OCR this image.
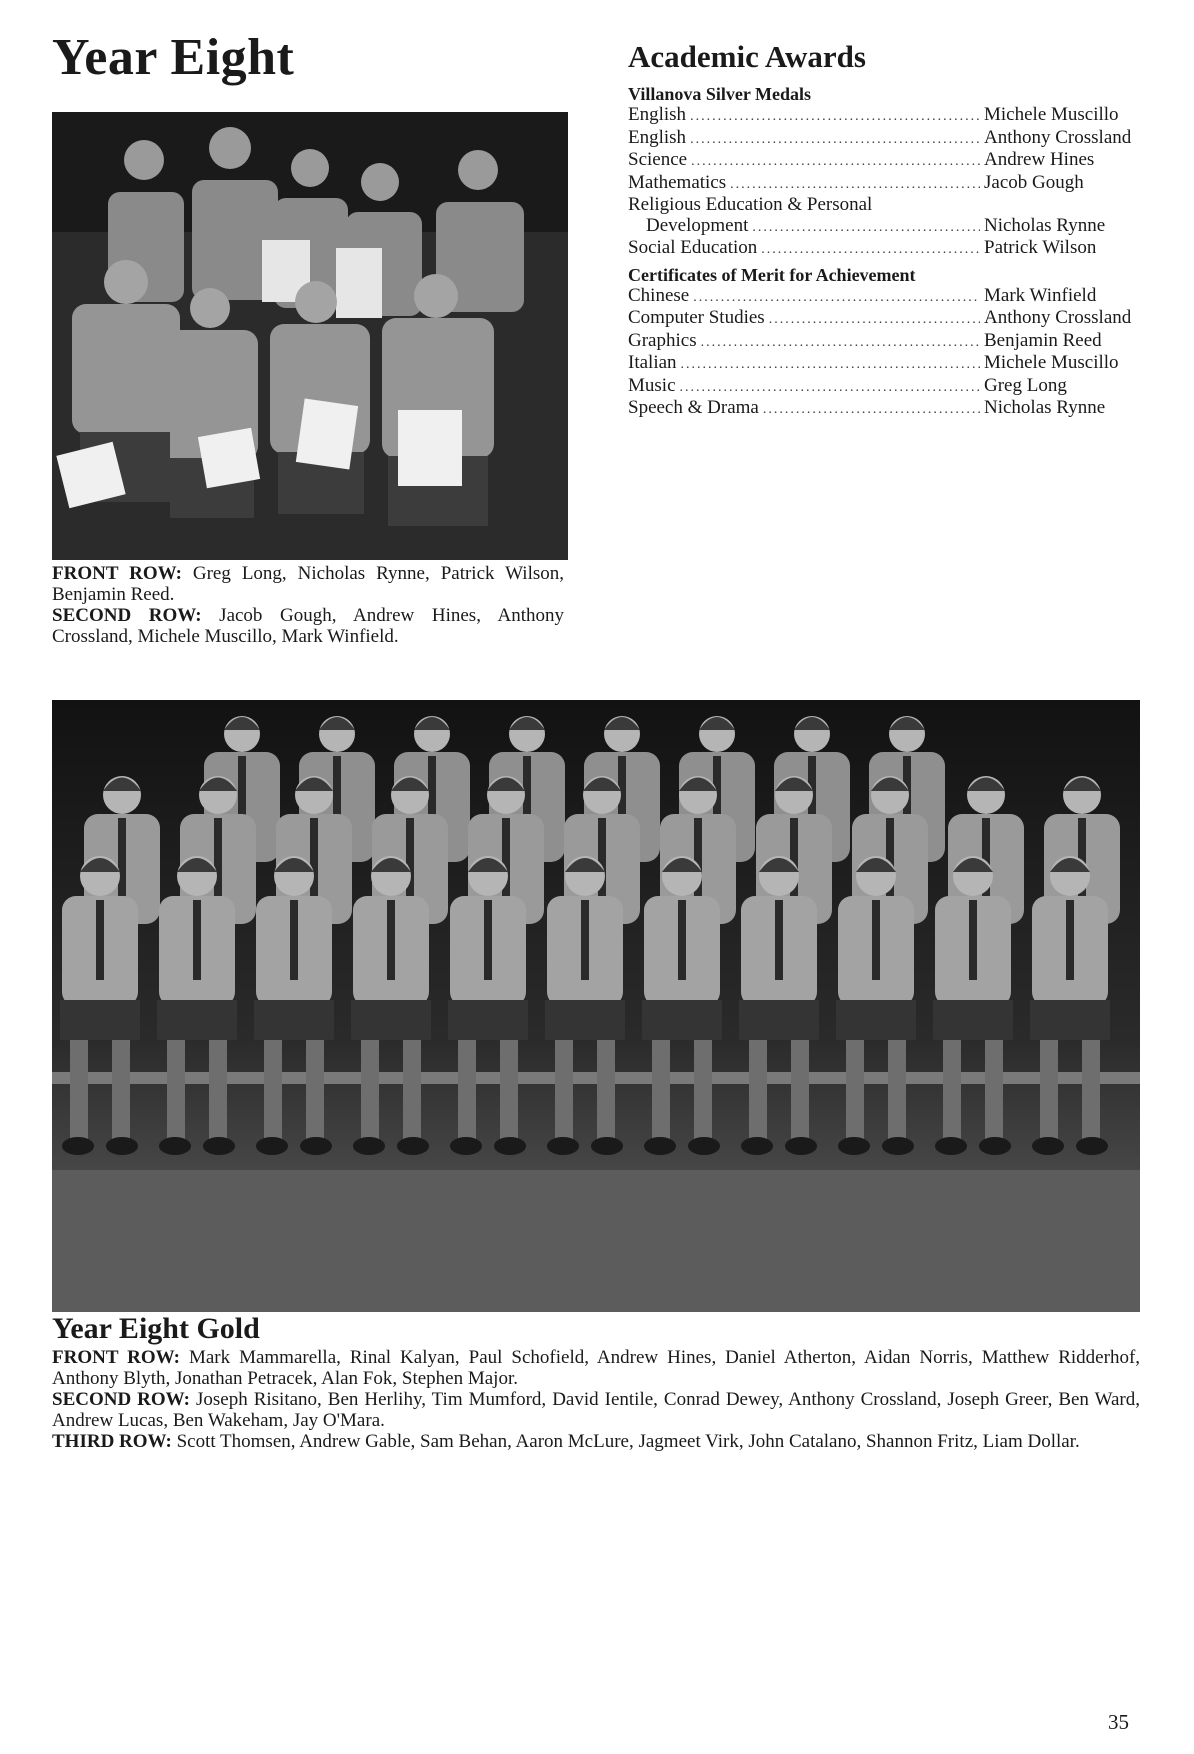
Year Eight
FRONT ROW: Greg Long, Nicholas Rynne, Patrick Wilson, Benjamin Reed.
SECOND ROW: Jacob Gough, Andrew Hines, Anthony Crossland, Michele Muscillo, Mark Winfield.
Academic Awards
Villanova Silver Medals
English .....	Michele Muscillo
English .....	Anthony Crossland
Science .....	Andrew Hines
Mathematics .....	Jacob Gough
Religious Education & Personal
Development .....	Nicholas Rynne
Social Education .....	Patrick Wilson
Certificates of Merit for Achievement
Chinese .....	Mark Winfield
Computer Studies .....	Anthony Crossland
Graphics .....	Benjamin Reed
Italian .....	Michele Muscillo
Music .....	Greg Long
Speech & Drama .....	Nicholas Rynne
Year Eight Gold
FRONT ROW: Mark Mammarella, Rinal Kalyan, Paul Schofield, Andrew Hines, Daniel Atherton, Aidan Norris, Matthew Ridderhof, Anthony Blyth, Jonathan Petracek, Alan Fok, Stephen Major.
SECOND ROW: Joseph Risitano, Ben Herlihy, Tim Mumford, David Ientile, Conrad Dewey, Anthony Crossland, Joseph Greer, Ben Ward, Andrew Lucas, Ben Wakeham, Jay O'Mara.
THIRD ROW: Scott Thomsen, Andrew Gable, Sam Behan, Aaron McLure, Jagmeet Virk, John Catalano, Shannon Fritz, Liam Dollar.
35
